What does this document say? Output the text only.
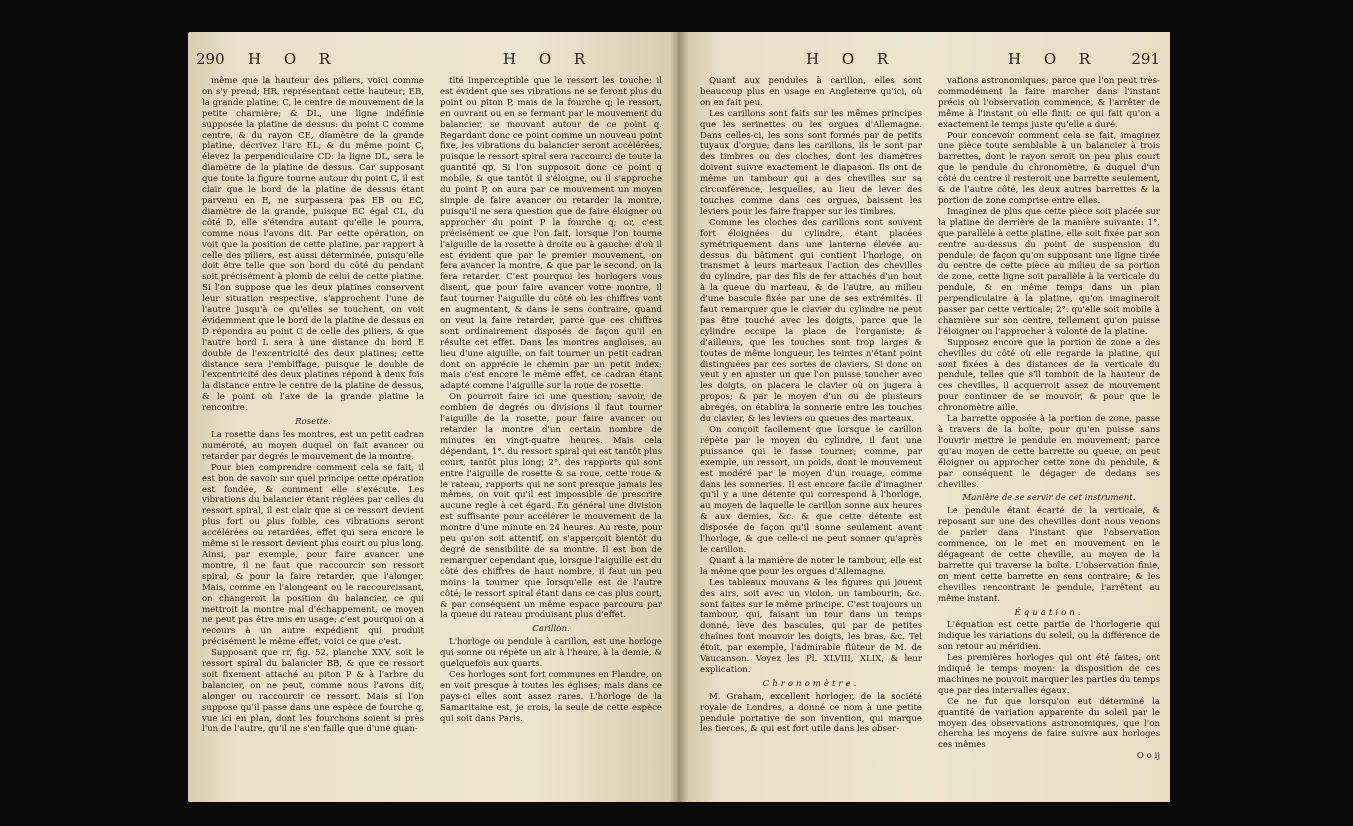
290 H O R	H O R

même que la hauteur des piliers, voici comme on s'y prend; HR, représentant cette hauteur; EB, la grande platine; C, le centre de mouvement de la petite charnière; & DL, une ligne indéfinie supposée la platine de dessus: du point C comme centre, & du rayon CE, diamètre de la grande platine, décrivez l'arc EL; & du même point C, élevez la perpendiculaire CD: la ligne DL, sera le diamètre de la platine de dessus. Car supposant que toute la figure tourne autour du point C, il est clair que le bord de la platine de dessus étant parvenu en E, ne surpassera pas EB ou EC, diamètre de la grande, puisque EC égal CL, du côté D, elle s'étendra autant qu'elle le pourra, comme nous l'avons dit. Par cette opération, on voit que la position de cette platine, par rapport à celle des piliers, est aussi déterminée, puisqu'elle doit être telle que son bord du côté du pendant soit précisément à plomb de celui de cette platine. Si l'on suppose que les deux platines conservent leur situation respective, s'approchent l'une de l'autre jusqu'à ce qu'elles se touchent, on voit évidemment que le bord de la platine de dessus en D répondra au point C de celle des piliers, & que l'autre bord L sera à une distance du bord E double de l'excentricité des deux platines; cette distance sera l'embiffage, puisque le double de l'excentricité des deux platines répond à deux fois la distance entre le centre de la platine de dessus, & le point où l'axe de la grande platine la rencontre.

Rosette.

La rosette dans les montres, est un petit cadran numéroté, au moyen duquel on fait avancer ou retarder par degrés le mouvement de la montre.

Pour bien comprendre comment cela se fait, il est bon de savoir sur quel principe cette opération est fondée, & comment elle s'exécute. Les vibrations du balancier étant réglées par celles du ressort spiral, il est clair que si ce ressort devient plus fort ou plus foible, ces vibrations seront accélérées ou retardées, effet qui sera encore le même si le ressort devient plus court ou plus long. Ainsi, par exemple, pour faire avancer une montre, il ne faut que raccourcir son ressort spiral, & pour la faire retarder, que l'alonger. Mais, comme en l'alongeant ou le raccourcissant, on changeroit la position du balancier, ce qui mettroit la montre mal d'échappement, ce moyen ne peut pas être mis en usage; c'est pourquoi on a recours à un autre expédient qui produit précisément le même effet; voici ce que c'est.

Supposant que rr, fig. 52, planche XXV, soit le ressort spiral du balancier BB, & que ce ressort soit fixement attaché au piton P & à l'arbre du balancier, on ne peut, comme nous l'avons dit, alonger ou raccourcir ce ressort. Mais si l'on suppose qu'il passe dans une espèce de fourche q, vue ici en plan, dont les fourchons soient si près l'un de l'autre, qu'il ne s'en faille que d'une quan-

tité imperceptible que le ressort les touche; il est évident que ses vibrations ne se feront plus du point ou piton P, mais de la fourche q; le ressort, en ouvrant ou en se fermant par le mouvement du balancier, se mouvant autour de ce point q. Regardant donc ce point comme un nouveau point fixe, les vibrations du balancier seront accélérées, puisque le ressort spiral sera raccourci de toute la quantité qp. Si l'on supposoit donc ce point q mobile, & que tantôt il s'éloigne, ou il s'approche du point P, on aura par ce mouvement un moyen simple de faire avancer ou retarder la montre, puisqu'il ne sera question que de faire éloigner ou approcher du point P la fourche q; or, c'est précisément ce que l'on fait, lorsque l'on tourne l'aiguille de la rosette à droite ou à gauche: d'où il est évident que par le premier mouvement, on fera avancer la montre, & que par le second, on la fera retarder. C'est pourquoi les horlogers vous disent, que pour faire avancer votre montre, il faut tourner l'aiguille du côté où les chiffres vont en augmentant, & dans le sens contraire, quand on veut la faire retarder, parce que ces chiffres sont ordinairement disposés de façon qu'il en résulte cet effet. Dans les montres angloises, au lieu d'une aiguille, on fait tourner un petit cadran dont on apprécie le chemin par un petit index; mais c'est encore le même effet, ce cadran étant adapté comme l'aiguille sur la roue de rosette.

On pourroit faire ici une question; savoir, de combien de degrés ou divisions il faut tourner l'aiguille de la rosette, pour faire avancer ou retarder la montre d'un certain nombre de minutes en vingt-quatre heures. Mais cela dépendant, 1°. du ressort spiral qui est tantôt plus court, tantôt plus long; 2°. des rapports qui sont entre l'aiguille de rosette & sa roue, cette roue & le rateau, rapports qui ne sont presque jamais les mêmes, on voit qu'il est impossible de prescrire aucune regle à cet égard. En général une division est suffisante pour accélérer le mouvement de la montre d'une minute en 24 heures. Au reste, pour peu qu'on soit attentif, on s'apperçoit bientôt du degré de sensibilité de sa montre. Il est bon de remarquer cependant que, lorsque l'aiguille est du côté des chiffres de haut nombre, il faut un peu moins la tourner que lorsqu'elle est de l'autre côté; le ressort spiral étant dans ce cas plus court, & par conséquent un même espace parcouru par la queue du rateau produisant plus d'effet.

Carillon.

L'horloge ou pendule à carillon, est une horloge qui sonne ou répète un air à l'heure, à la demie, & quelquefois aux quarts.

Ces horloges sont fort communes en Flandre, on en voit presque à toutes les églises; mais dans ce pays-ci elles sont assez rares. L'horloge de la Samaritaine est, je crois, la seule de cette espèce qui soit dans Paris.

H O R	H O R 291

Quant aux pendules à carillon, elles sont beaucoup plus en usage en Angleterre qu'ici, où on en fait peu.

Les carillons sont faits sur les mêmes principes que les serinettes ou les orgues d'Allemagne. Dans celles-ci, les sons sont formés par de petits tuyaux d'orgue; dans les carillons, ils le sont par des timbres ou des cloches, dont les diamètres doivent suivre exactement le diapason. Ils ont de même un tambour qui a des chevilles sur sa circonférence, lesquelles, au lieu de lever des touches comme dans ces orgues, baissent les leviers pour les faire frapper sur les timbres.

Comme les cloches des carillons sont souvent fort éloignées du cylindre, étant placées symétriquement dans une lanterne élevée au-dessus du bâtiment qui contient l'horloge, on transmet à leurs marteaux l'action des chevilles du cylindre, par des fils de fer attachés d'un bout à la queue du marteau, & de l'autre, au milieu d'une bascule fixée par une de ses extrémités. Il faut remarquer que le clavier du cylindre ne peut pas être touché avec les doigts, parce que le cylindre occupe la place de l'organiste; & d'ailleurs, que les touches sont trop larges & toutes de même longueur, les teintes n'étant point distinguées par ces sortes de claviers. Si donc on veut y en ajuster un que l'on puisse toucher avec les doigts, on placera le clavier où on jugera à propos; & par le moyen d'un ou de plusieurs abrégés, on établira la sonnerie entre les touches du clavier, & les leviers ou queues des marteaux.

On conçoit facilement que lorsque le carillon répète par le moyen du cylindre, il faut une puissance qui le fasse tourner; comme, par exemple, un ressort, un poids, dont le mouvement est modéré par le moyen d'un rouage, comme dans les sonneries. Il est encore facile d'imaginer qu'il y a une détente qui correspond à l'horloge, au moyen de laquelle le carillon sonne aux heures & aux demies, &c. & que cette détente est disposée de façon qu'il sonne seulement avant l'horloge, & que celle-ci ne peut sonner qu'après le carillon.

Quant à la manière de noter le tambour, elle est la même que pour les orgues d'Allemagne.

Les tableaux mouvans & les figures qui jouent des airs, soit avec un violon, un tambourin, &c. sont faites sur le même principe. C'est toujours un tambour, qui, faisant un tour dans un temps donné, lève des bascules, qui par de petites chaînes font mouvoir les doigts, les bras, &c. Tel étoit, par exemple, l'admirable flûteur de M. de Vaucanson. Voyez les Pl. XLVIII, XLIX, & leur explication.

Chronomètre.

M. Graham, excellent horloger, de la société royale de Londres, a donné ce nom à une petite pendule portative de son invention, qui marque les tierces, & qui est fort utile dans les obser-

vations astronomiques; parce que l'on peut très-commodément la faire marcher dans l'instant précis où l'observation commence, & l'arrêter de même à l'instant où elle finit: ce qui fait qu'on a exactement le temps juste qu'elle a duré.

Pour concevoir comment cela se fait, imaginez une pièce toute semblable à un balancier à trois barrettes, dont le rayon seroit un peu plus court que le pendule du chronomètre, & duquel d'un côté du centre il resteroit une barrette seulement, & de l'autre côté, les deux autres barrettes & la portion de zone comprise entre elles.

Imaginez de plus que cette pièce soit placée sur la platine de derrière de la manière suivante: 1°. que parallèle à cette platine, elle soit fixée par son centre au-dessus du point de suspension du pendule; de façon qu'on supposant une ligne tirée du centre de cette pièce au milieu de sa portion de zone, cette ligne soit parallèle à la verticale du pendule, & en même temps dans un plan perpendiculaire à la platine, qu'on imagineroit passer par cette verticale; 2°. qu'elle soit mobile à charnière sur son centre, tellement qu'on puisse l'éloigner ou l'approcher à volonté de la platine.

Supposez encore que la portion de zone a des chevilles du côté où elle regarde la platine, qui sont fixées à des distances de la verticale du pendule, telles que s'il tomboit de la hauteur de ces chevilles, il acquerroit assez de mouvement pour continuer de se mouvoir, & pour que le chronomètre aille.

La barrette opposée à la portion de zone, passe à travers de la boîte, pour qu'en puisse sans l'ouvrir mettre le pendule en mouvement; parce qu'au moyen de cette barrette ou queue, on peut éloigner ou approcher cette zone du pendule, & par conséquent le dégager de dedans ses chevilles.

Manière de se servir de cet instrument.

Le pendule étant écarté de la verticale, & reposant sur une des chevilles dont nous venons de parler dans l'instant que l'observation commence, on le met en mouvement en le dégageant de cette cheville, au moyen de la barrette qui traverse la boîte. L'observation finie, on ment cette barrette en sens contraire; & les chevilles rencontrant le pendule, l'arrêtent au même instant.

Équation.

L'équation est cette partie de l'horlogerie qui indique les variations du soleil, ou la différence de son retour au méridien.

Les premières horloges qui ont été faites, ont indiqué le temps moyen: la disposition de ces machines ne pouvoit marquer les parties du temps que par des intervalles égaux.

Ce ne fut que lorsqu'on eut déterminé la quantité de variation apparente du soleil par le moyen des observations astronomiques, que l'on chercha les moyens de faire suivre aux horloges ces mêmes

O o ij
